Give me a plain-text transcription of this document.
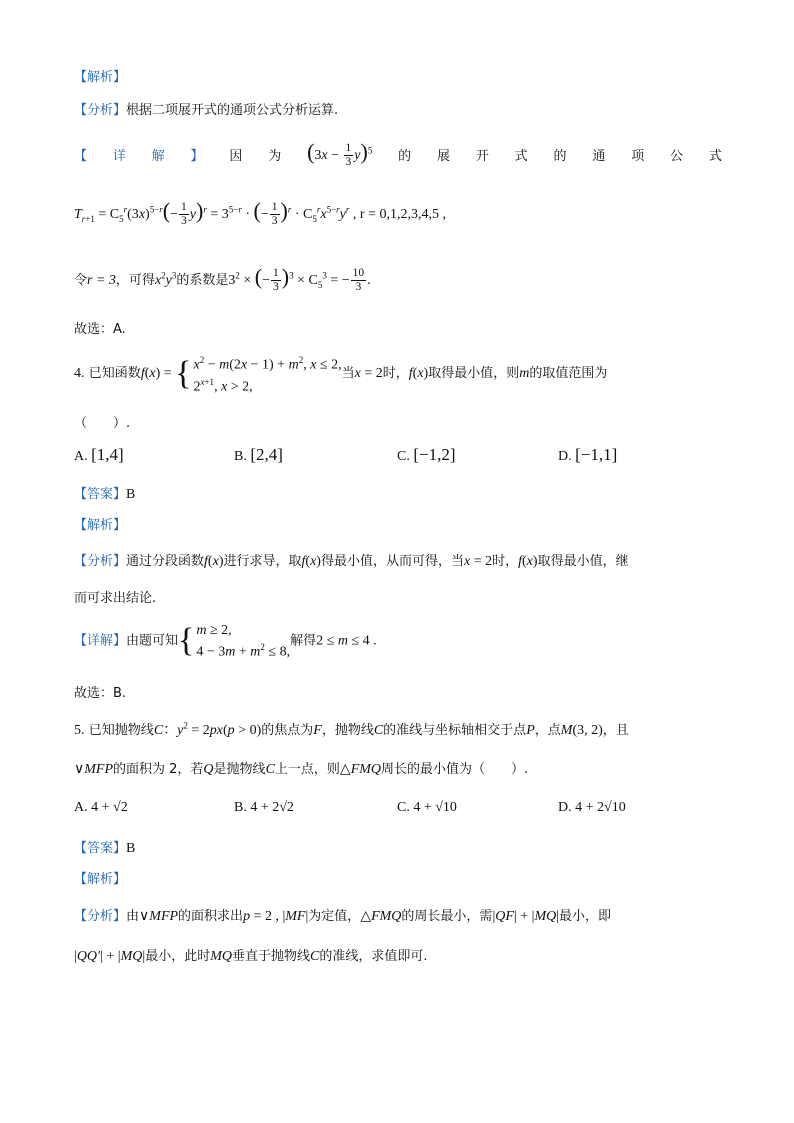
【解析】
【分析】根据二项展开式的通项公式分析运算.
【 详 解 】 因 为 $(3x - \frac{1}{3} y)^5$ 的 展 开 式 的 通 项 公 式
$T_{r+1} = C_5^r(3x)^{5-r}(- \frac{1}{3} y)^r = 3^{5-r}$ · (− $\frac{1}{3} )^r \cdot C_5^rx^{5-r}y^r$ , r = 0,1,2,3,4,5 ,
令r = 3，可得$x^2y^3$的系数是$3^2$ × (− $\frac{1}{3} )^3 \times C_5^3$ = − $\frac{10}{3}$ .
故选：A.
4. 已知函数f(x) = { $x^2 - m(2x - 1) + m^2$, x ≤ 2,
$2^{x+1}$, x > 2,当x = 2时，f(x)取得最小值，则m的取值范围为
（　　）.
A. [1,4]	B. [2,4]	C. [−1,2]	D. [−1,1]
【答案】B
【解析】
【分析】通过分段函数f(x)进行求导，取f(x)得最小值，从而可得，当x = 2时，f(x)取得最小值，继
而可求出结论.
【详解】由题可知{ m ≥ 2,
$4 - 3m + m^2 \le 8$,解得2 ≤ m ≤ 4 .
故选：B.
5. 已知抛物线C：$y^2 = 2px(p > 0)$的焦点为F，抛物线C的准线与坐标轴相交于点P，点M(3, 2)，且
∨MFP的面积为 2，若Q是抛物线C上一点，则△FMQ周长的最小值为（　　）.
A. 4 + √2	B. 4 + 2√2	C. 4 + √10	D. 4 + 2√10
【答案】B
【解析】
【分析】由∨MFP的面积求出p = 2 , |MF|为定值，△FMQ的周长最小，需|QF| + |MQ|最小，即
|QQ′| + |MQ|最小，此时MQ垂直于抛物线C的准线，求值即可.
